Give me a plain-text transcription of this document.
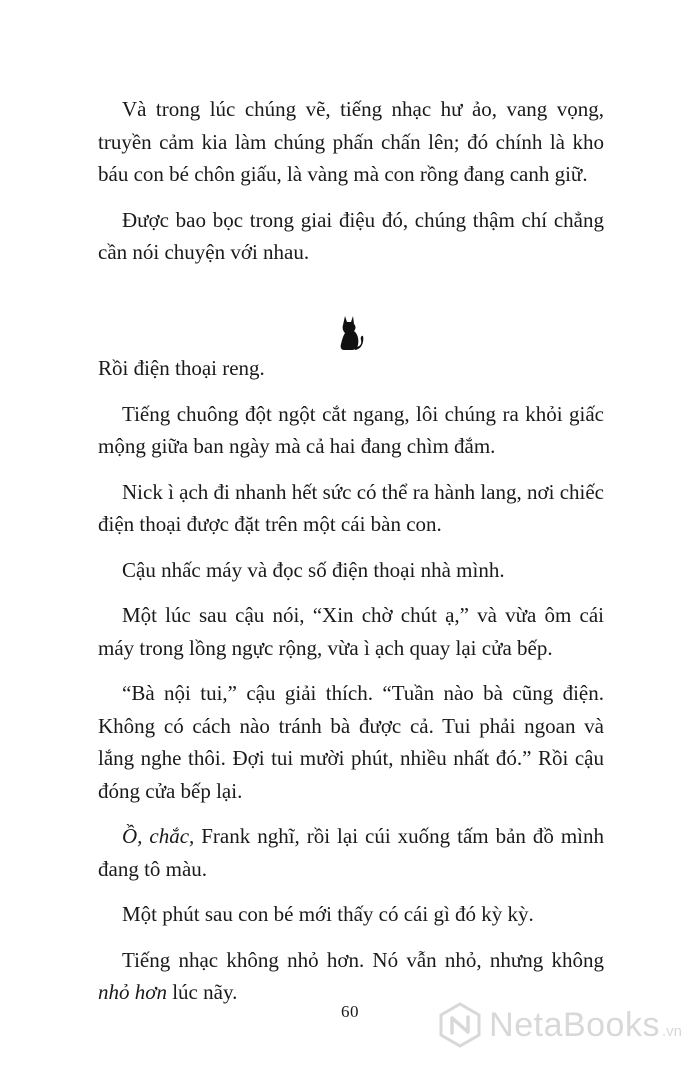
Và trong lúc chúng vẽ, tiếng nhạc hư ảo, vang vọng, truyền cảm kia làm chúng phấn chấn lên; đó chính là kho báu con bé chôn giấu, là vàng mà con rồng đang canh giữ.

Được bao bọc trong giai điệu đó, chúng thậm chí chẳng cần nói chuyện với nhau.

Rồi điện thoại reng.

Tiếng chuông đột ngột cắt ngang, lôi chúng ra khỏi giấc mộng giữa ban ngày mà cả hai đang chìm đắm.

Nick ì ạch đi nhanh hết sức có thể ra hành lang, nơi chiếc điện thoại được đặt trên một cái bàn con.

Cậu nhấc máy và đọc số điện thoại nhà mình.

Một lúc sau cậu nói, “Xin chờ chút ạ,” và vừa ôm cái máy trong lồng ngực rộng, vừa ì ạch quay lại cửa bếp.

“Bà nội tui,” cậu giải thích. “Tuần nào bà cũng điện. Không có cách nào tránh bà được cả. Tui phải ngoan và lắng nghe thôi. Đợi tui mười phút, nhiều nhất đó.” Rồi cậu đóng cửa bếp lại.

Ồ, chắc, Frank nghĩ, rồi lại cúi xuống tấm bản đồ mình đang tô màu.

Một phút sau con bé mới thấy có cái gì đó kỳ kỳ.

Tiếng nhạc không nhỏ hơn. Nó vẫn nhỏ, nhưng không nhỏ hơn lúc nãy.

60	NetaBooks .vn
